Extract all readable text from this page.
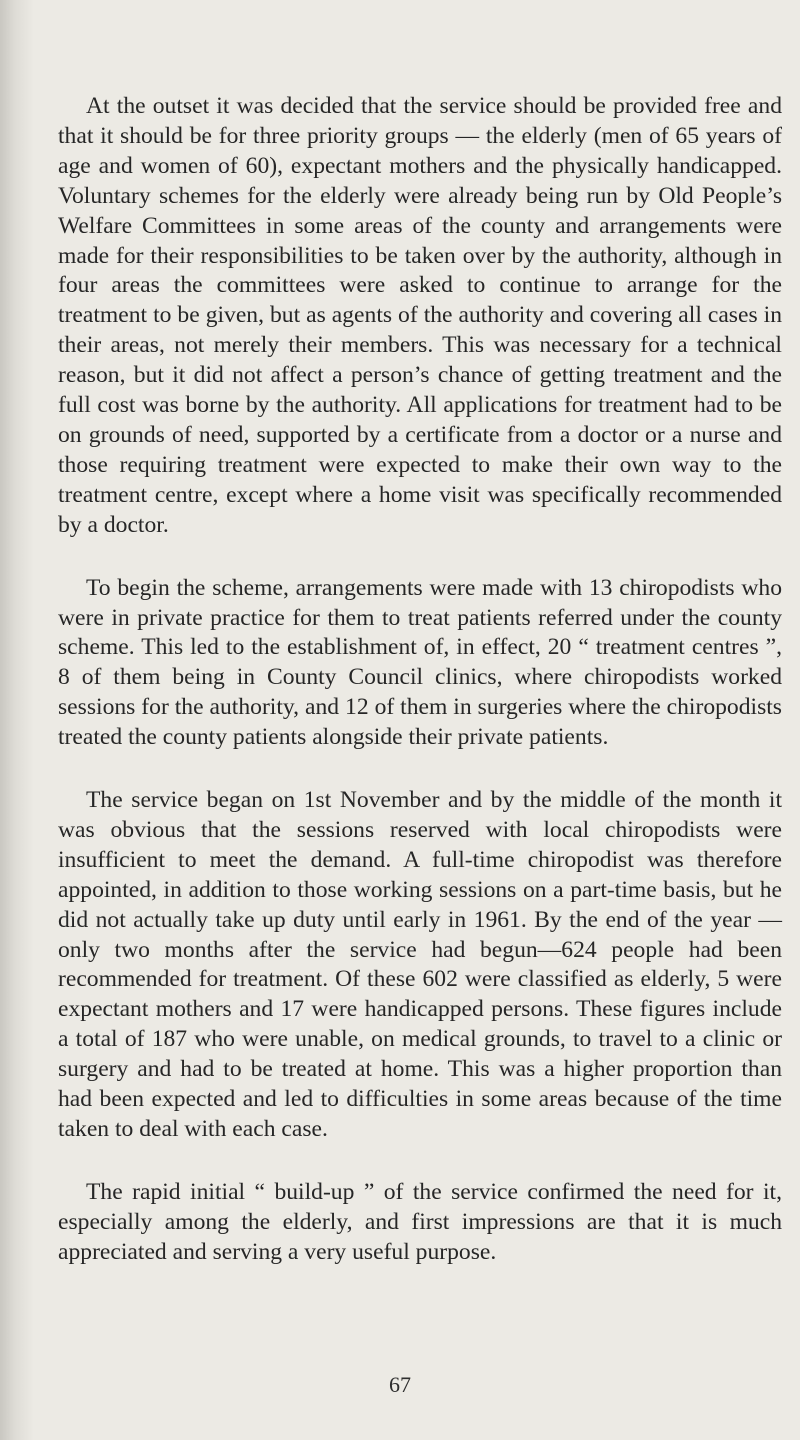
At the outset it was decided that the service should be provided free and that it should be for three priority groups — the elderly (men of 65 years of age and women of 60), expectant mothers and the physically handicapped. Voluntary schemes for the elderly were already being run by Old People’s Welfare Committees in some areas of the county and arrangements were made for their responsibilities to be taken over by the authority, although in four areas the committees were asked to continue to arrange for the treatment to be given, but as agents of the authority and covering all cases in their areas, not merely their members. This was necessary for a technical reason, but it did not affect a person’s chance of getting treatment and the full cost was borne by the authority. All applications for treatment had to be on grounds of need, supported by a certificate from a doctor or a nurse and those requiring treatment were expected to make their own way to the treatment centre, except where a home visit was specifically recommended by a doctor.

To begin the scheme, arrangements were made with 13 chiropodists who were in private practice for them to treat patients referred under the county scheme. This led to the establishment of, in effect, 20 “ treatment centres ”, 8 of them being in County Council clinics, where chiropodists worked sessions for the authority, and 12 of them in surgeries where the chiropodists treated the county patients alongside their private patients.

The service began on 1st November and by the middle of the month it was obvious that the sessions reserved with local chiropodists were insufficient to meet the demand. A full-time chiropodist was therefore appointed, in addition to those working sessions on a part-time basis, but he did not actually take up duty until early in 1961. By the end of the year — only two months after the service had begun—624 people had been recommended for treatment. Of these 602 were classified as elderly, 5 were expectant mothers and 17 were handicapped persons. These figures include a total of 187 who were unable, on medical grounds, to travel to a clinic or surgery and had to be treated at home. This was a higher proportion than had been expected and led to difficulties in some areas because of the time taken to deal with each case.

The rapid initial “ build-up ” of the service confirmed the need for it, especially among the elderly, and first impressions are that it is much appreciated and serving a very useful purpose.

67
